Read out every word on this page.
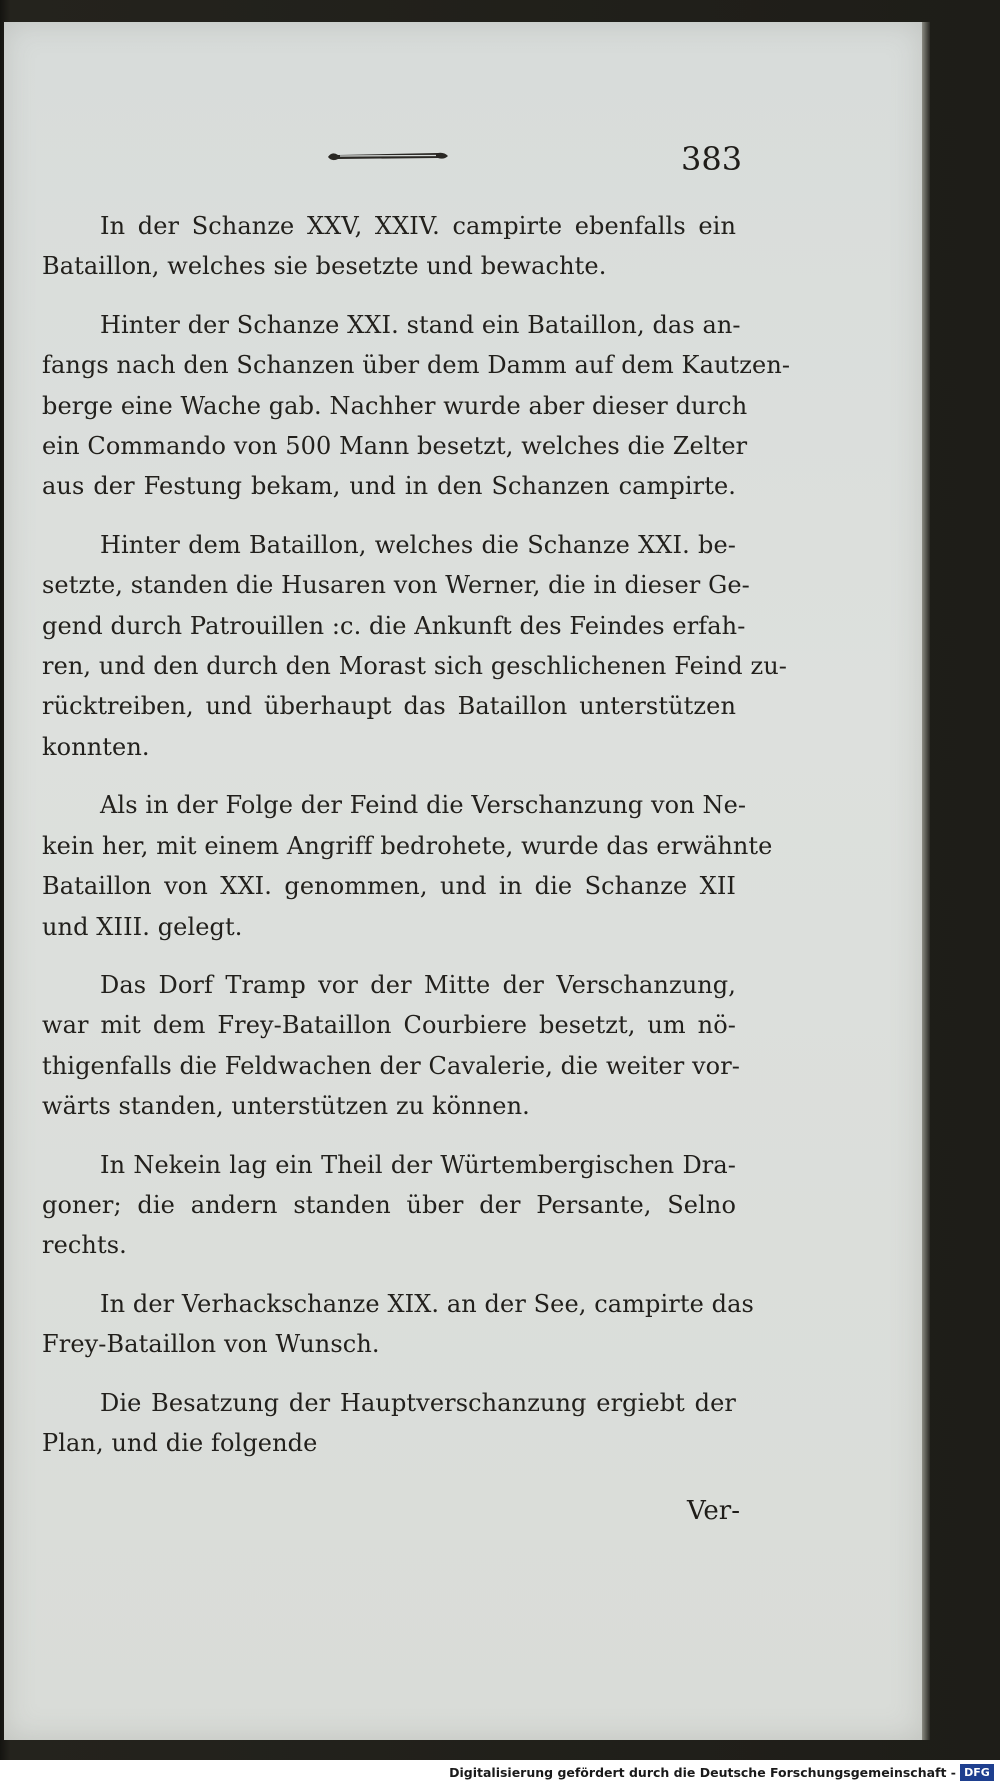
383
In der Schanze XXV, XXIV. campirte ebenfalls ein
Bataillon, welches sie besetzte und bewachte.
Hinter der Schanze XXI. stand ein Bataillon, das an-
fangs nach den Schanzen über dem Damm auf dem Kautzen-
berge eine Wache gab. Nachher wurde aber dieser durch
ein Commando von 500 Mann besetzt, welches die Zelter
aus der Festung bekam, und in den Schanzen campirte.
Hinter dem Bataillon, welches die Schanze XXI. be-
setzte, standen die Husaren von Werner, die in dieser Ge-
gend durch Patrouillen :c. die Ankunft des Feindes erfah-
ren, und den durch den Morast sich geschlichenen Feind zu-
rücktreiben, und überhaupt das Bataillon unterstützen
konnten.
Als in der Folge der Feind die Verschanzung von Ne-
kein her, mit einem Angriff bedrohete, wurde das erwähnte
Bataillon von XXI. genommen, und in die Schanze XII
und XIII. gelegt.
Das Dorf Tramp vor der Mitte der Verschanzung,
war mit dem Frey-Bataillon Courbiere besetzt, um nö-
thigenfalls die Feldwachen der Cavalerie, die weiter vor-
wärts standen, unterstützen zu können.
In Nekein lag ein Theil der Würtembergischen Dra-
goner; die andern standen über der Persante, Selno
rechts.
In der Verhackschanze XIX. an der See, campirte das
Frey-Bataillon von Wunsch.
Die Besatzung der Hauptverschanzung ergiebt der
Plan, und die folgende
Ver-
Digitalisierung gefördert durch die Deutsche Forschungsgemeinschaft - DFG
